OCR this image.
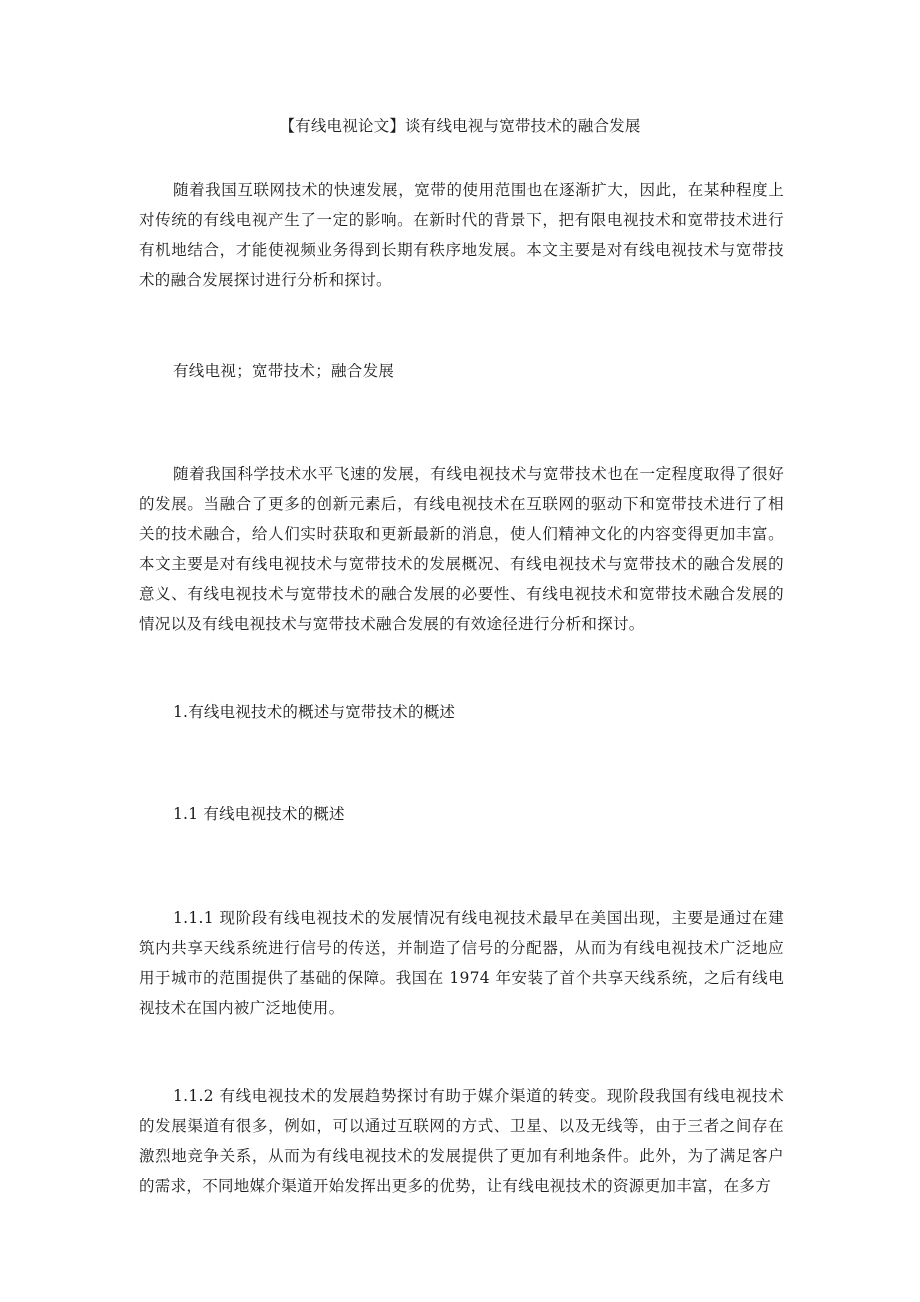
【有线电视论文】谈有线电视与宽带技术的融合发展
随着我国互联网技术的快速发展，宽带的使用范围也在逐渐扩大，因此，在某种程度上对传统的有线电视产生了一定的影响。在新时代的背景下，把有限电视技术和宽带技术进行有机地结合，才能使视频业务得到长期有秩序地发展。本文主要是对有线电视技术与宽带技术的融合发展探讨进行分析和探讨。
有线电视；宽带技术；融合发展
随着我国科学技术水平飞速的发展，有线电视技术与宽带技术也在一定程度取得了很好的发展。当融合了更多的创新元素后，有线电视技术在互联网的驱动下和宽带技术进行了相关的技术融合，给人们实时获取和更新最新的消息，使人们精神文化的内容变得更加丰富。本文主要是对有线电视技术与宽带技术的发展概况、有线电视技术与宽带技术的融合发展的意义、有线电视技术与宽带技术的融合发展的必要性、有线电视技术和宽带技术融合发展的情况以及有线电视技术与宽带技术融合发展的有效途径进行分析和探讨。
1.有线电视技术的概述与宽带技术的概述
1.1 有线电视技术的概述
1.1.1 现阶段有线电视技术的发展情况有线电视技术最早在美国出现，主要是通过在建筑内共享天线系统进行信号的传送，并制造了信号的分配器，从而为有线电视技术广泛地应用于城市的范围提供了基础的保障。我国在 1974 年安装了首个共享天线系统，之后有线电视技术在国内被广泛地使用。
1.1.2 有线电视技术的发展趋势探讨有助于媒介渠道的转变。现阶段我国有线电视技术的发展渠道有很多，例如，可以通过互联网的方式、卫星、以及无线等，由于三者之间存在激烈地竞争关系，从而为有线电视技术的发展提供了更加有利地条件。此外，为了满足客户的需求，不同地媒介渠道开始发挥出更多的优势，让有线电视技术的资源更加丰富，在多方
